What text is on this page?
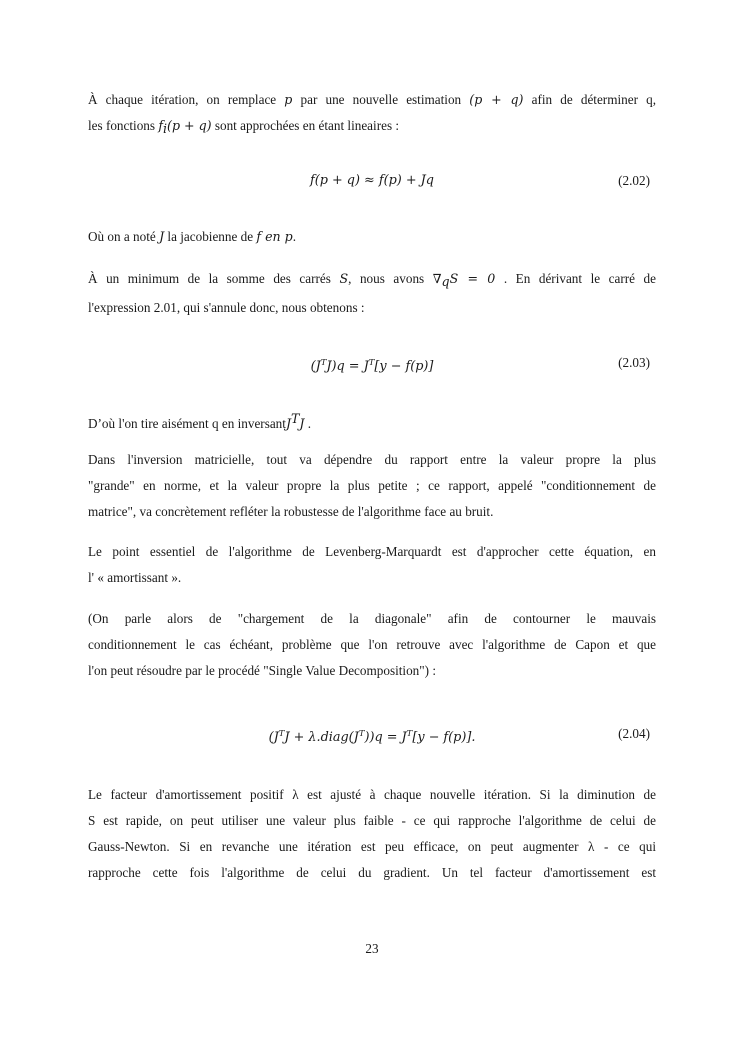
À chaque itération, on remplace p par une nouvelle estimation (p + q) afin de déterminer q,
les fonctions $f_i(p + q)$ sont approchées en étant lineaires :

f(p + q) ≈ f(p) + Jq	(2.02)

Où on a noté J la jacobienne de f en p.

À un minimum de la somme des carrés S, nous avons $\nabla_qS = 0$ . En dérivant le carré de
l'expression 2.01, qui s'annule donc, nous obtenons :

$(J^TJ)q = J^T[y - f(p)]$	(2.03)

D’où l'on tire aisément q en inversantJ$^T$J .

Dans l'inversion matricielle, tout va dépendre du rapport entre la valeur propre la plus
"grande" en norme, et la valeur propre la plus petite ; ce rapport, appelé "conditionnement de
matrice", va concrètement refléter la robustesse de l'algorithme face au bruit.

Le point essentiel de l'algorithme de Levenberg-Marquardt est d'approcher cette équation, en
l' « amortissant ».

(On parle alors de "chargement de la diagonale" afin de contourner le mauvais
conditionnement le cas échéant, problème que l'on retrouve avec l'algorithme de Capon et que
l'on peut résoudre par le procédé "Single Value Decomposition") :

($J^TJ$ + $\lambda.diag(J^T))q = J^T[y - f(p)]$.	(2.04)

Le facteur d'amortissement positif λ est ajusté à chaque nouvelle itération. Si la diminution de
S est rapide, on peut utiliser une valeur plus faible - ce qui rapproche l'algorithme de celui de
Gauss-Newton. Si en revanche une itération est peu efficace, on peut augmenter λ - ce qui
rapproche cette fois l'algorithme de celui du gradient. Un tel facteur d'amortissement est

23
